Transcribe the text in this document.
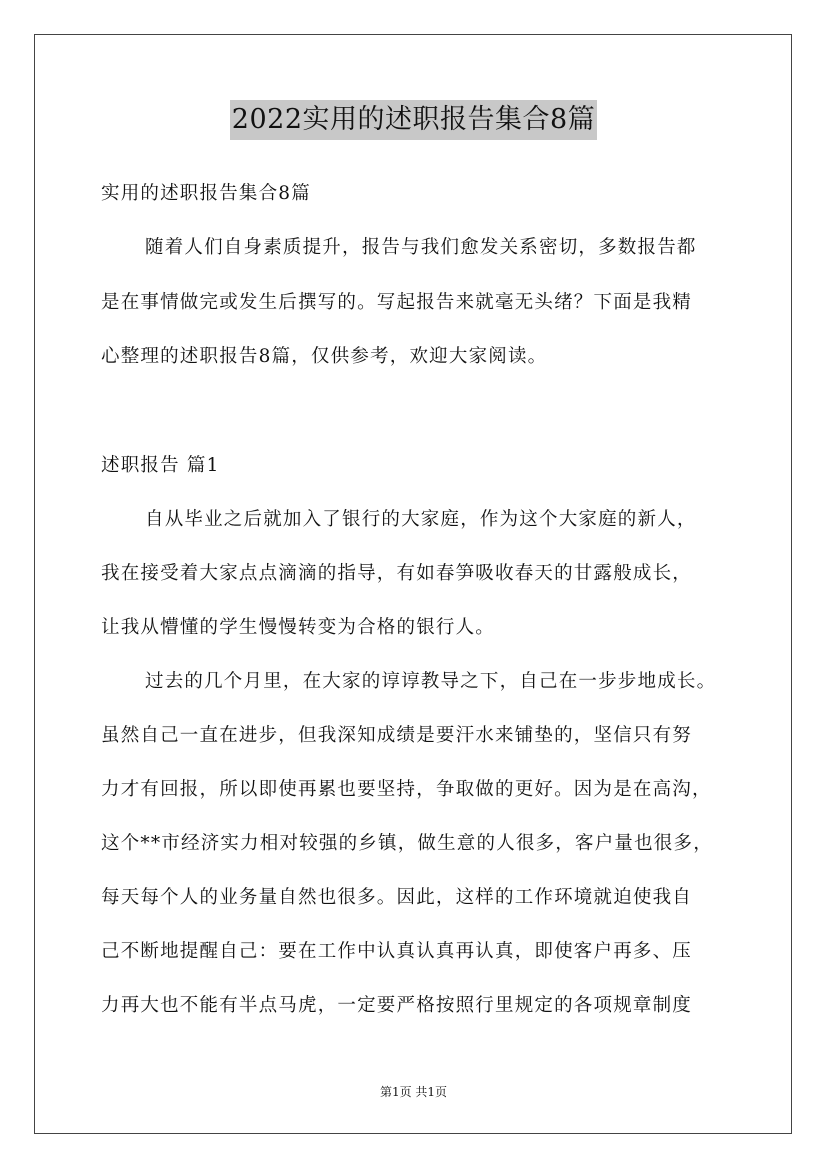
2022实用的述职报告集合8篇
实用的述职报告集合8篇
随着人们自身素质提升，报告与我们愈发关系密切，多数报告都
是在事情做完或发生后撰写的。写起报告来就毫无头绪？下面是我精
心整理的述职报告8篇，仅供参考，欢迎大家阅读。
述职报告 篇1
自从毕业之后就加入了银行的大家庭，作为这个大家庭的新人，
我在接受着大家点点滴滴的指导，有如春笋吸收春天的甘露般成长，
让我从懵懂的学生慢慢转变为合格的银行人。
过去的几个月里，在大家的谆谆教导之下，自己在一步步地成长。
虽然自己一直在进步，但我深知成绩是要汗水来铺垫的，坚信只有努
力才有回报，所以即使再累也要坚持，争取做的更好。因为是在高沟，
这个**市经济实力相对较强的乡镇，做生意的人很多，客户量也很多，
每天每个人的业务量自然也很多。因此，这样的工作环境就迫使我自
己不断地提醒自己：要在工作中认真认真再认真，即使客户再多、压
力再大也不能有半点马虎，一定要严格按照行里规定的各项规章制度
第1页 共1页
